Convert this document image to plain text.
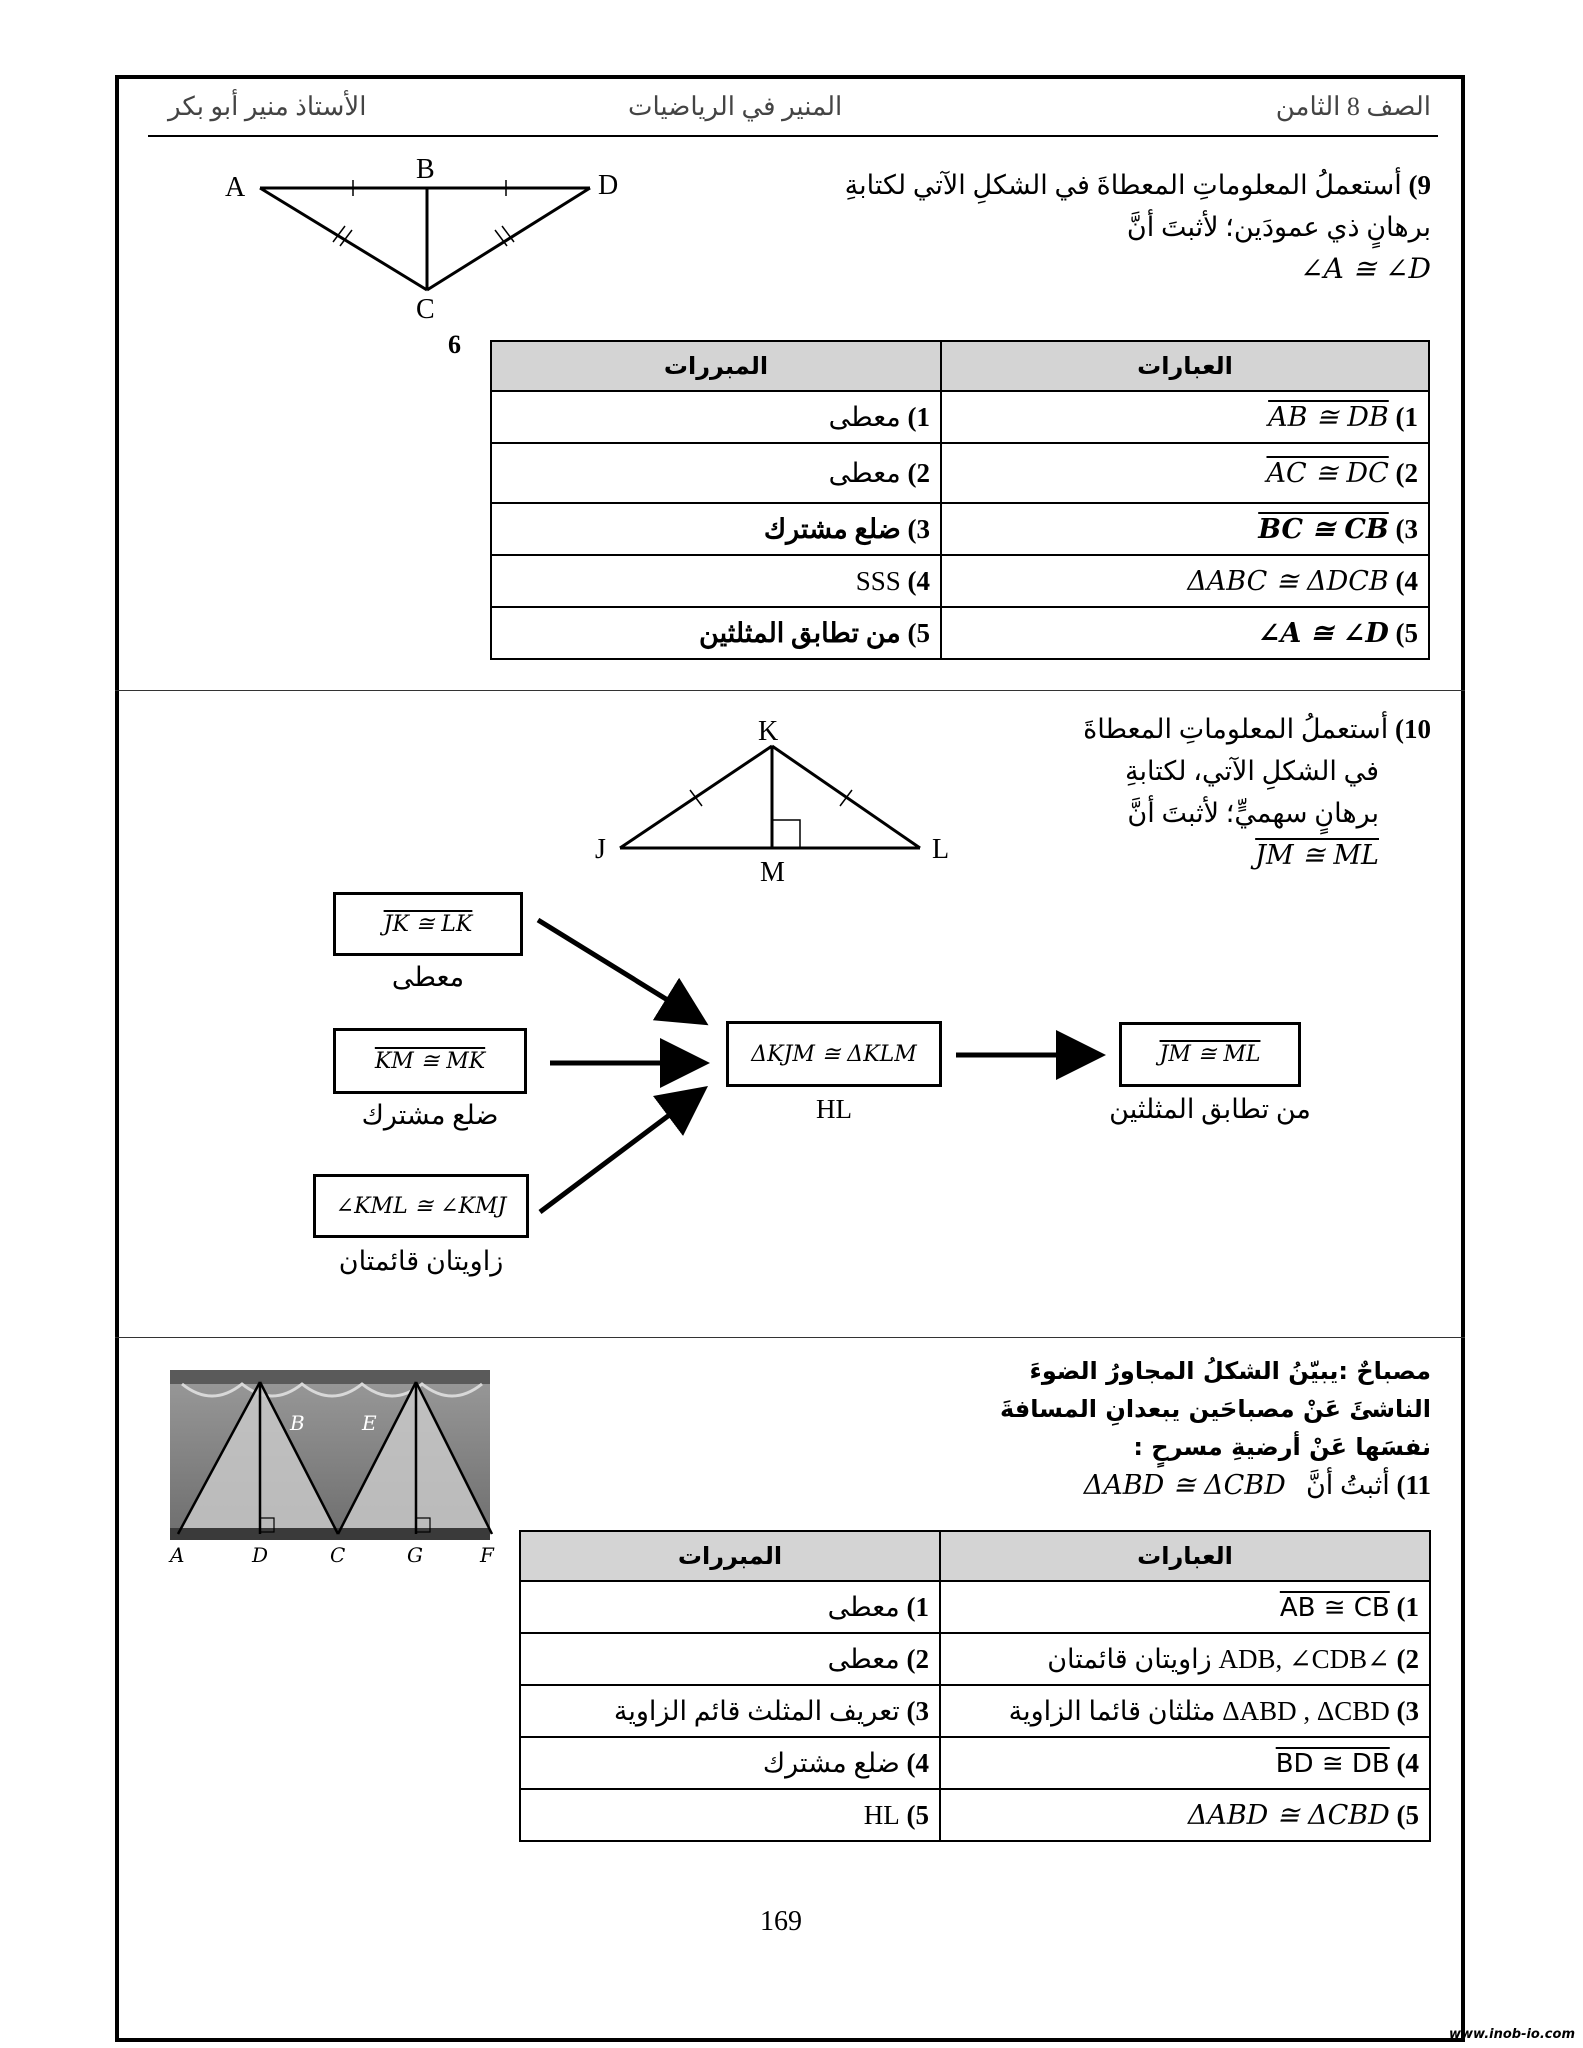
الصف 8 الثامن
المنير في الرياضيات
الأستاذ منير أبو بكر
A
B
D
C
9) أستعملُ المعلوماتِ المعطاةَ في الشكلِ الآتي لكتابةِ
برهانٍ ذي عمودَين؛ لأثبتَ أنَّ
∠A ≅ ∠D
6
العبارات	المبررات
1) AB ≅ DB	1) معطى
2) AC ≅ DC	2) معطى
3) BC ≅ CB	3) ضلع مشترك
4) ΔABC ≅ ΔDCB	4) SSS
5) ∠A ≅ ∠D	5) من تطابق المثلثين
K
J
M
L
10) أستعملُ المعلوماتِ المعطاةَ
في الشكلِ الآتي، لكتابةِ
برهانٍ سهميٍّ؛ لأثبتَ أنَّ
JM ≅ ML
JK ≅ LK
معطى
KM ≅ MK
ضلع مشترك
∠KML ≅ ∠KMJ
زاويتان قائمتان
ΔKJM ≅ ΔKLM
HL
JM ≅ ML
من تطابق المثلثين
B	E
A	D	C	G	F
مصباحٌ :يبيّنُ الشكلُ المجاورُ الضوءَ
الناشئَ عَنْ مصباحَين يبعدانِ المسافةَ
نفسَها عَنْ أرضيةِ مسرحٍ :
11) أثبتُ أنَّ   ΔABD ≅ ΔCBD
العبارات	المبررات
1) AB ≅ CB	1) معطى
2) ∠ADB, ∠CDB زاويتان قائمتان	2) معطى
3) ΔABD , ΔCBD مثلثان قائما الزاوية	3) تعريف المثلث قائم الزاوية
4) BD ≅ DB	4) ضلع مشترك
5) ΔABD ≅ ΔCBD	5) HL
169
www.inob-io.com
